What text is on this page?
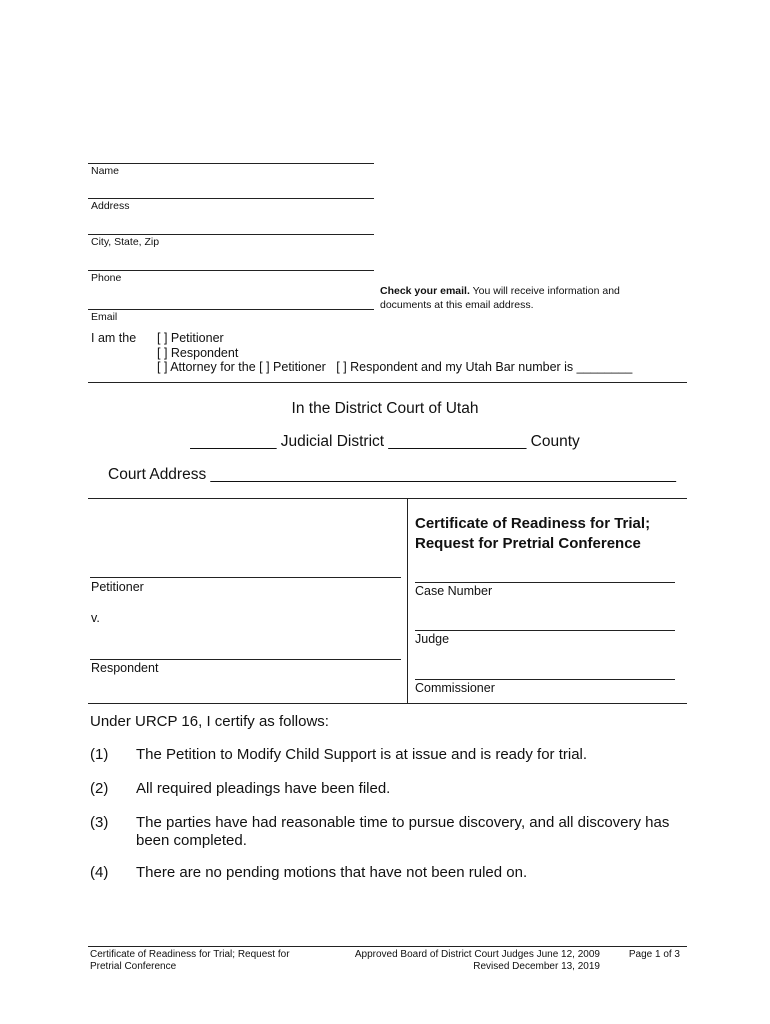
Name
Address
City, State, Zip
Phone
Email
Check your email. You will receive information and
documents at this email address.
I am the [ ] Petitioner
[ ] Respondent
[ ] Attorney for the [ ] Petitioner   [ ] Respondent and my Utah Bar number is ________
In the District Court of Utah
__________ Judicial District ________________ County
Court Address ______________________________________________________
Certificate of Readiness for Trial;
Request for Pretrial Conference
Petitioner
v.
Respondent
Case Number
Judge
Commissioner
Under URCP 16, I certify as follows:
(1) The Petition to Modify Child Support is at issue and is ready for trial.
(2) All required pleadings have been filed.
(3) The parties have had reasonable time to pursue discovery, and all discovery has
been completed.
(4) There are no pending motions that have not been ruled on.
Certificate of Readiness for Trial; Request for
Pretrial Conference
Approved Board of District Court Judges June 12, 2009
Revised December 13, 2019
Page 1 of 3
